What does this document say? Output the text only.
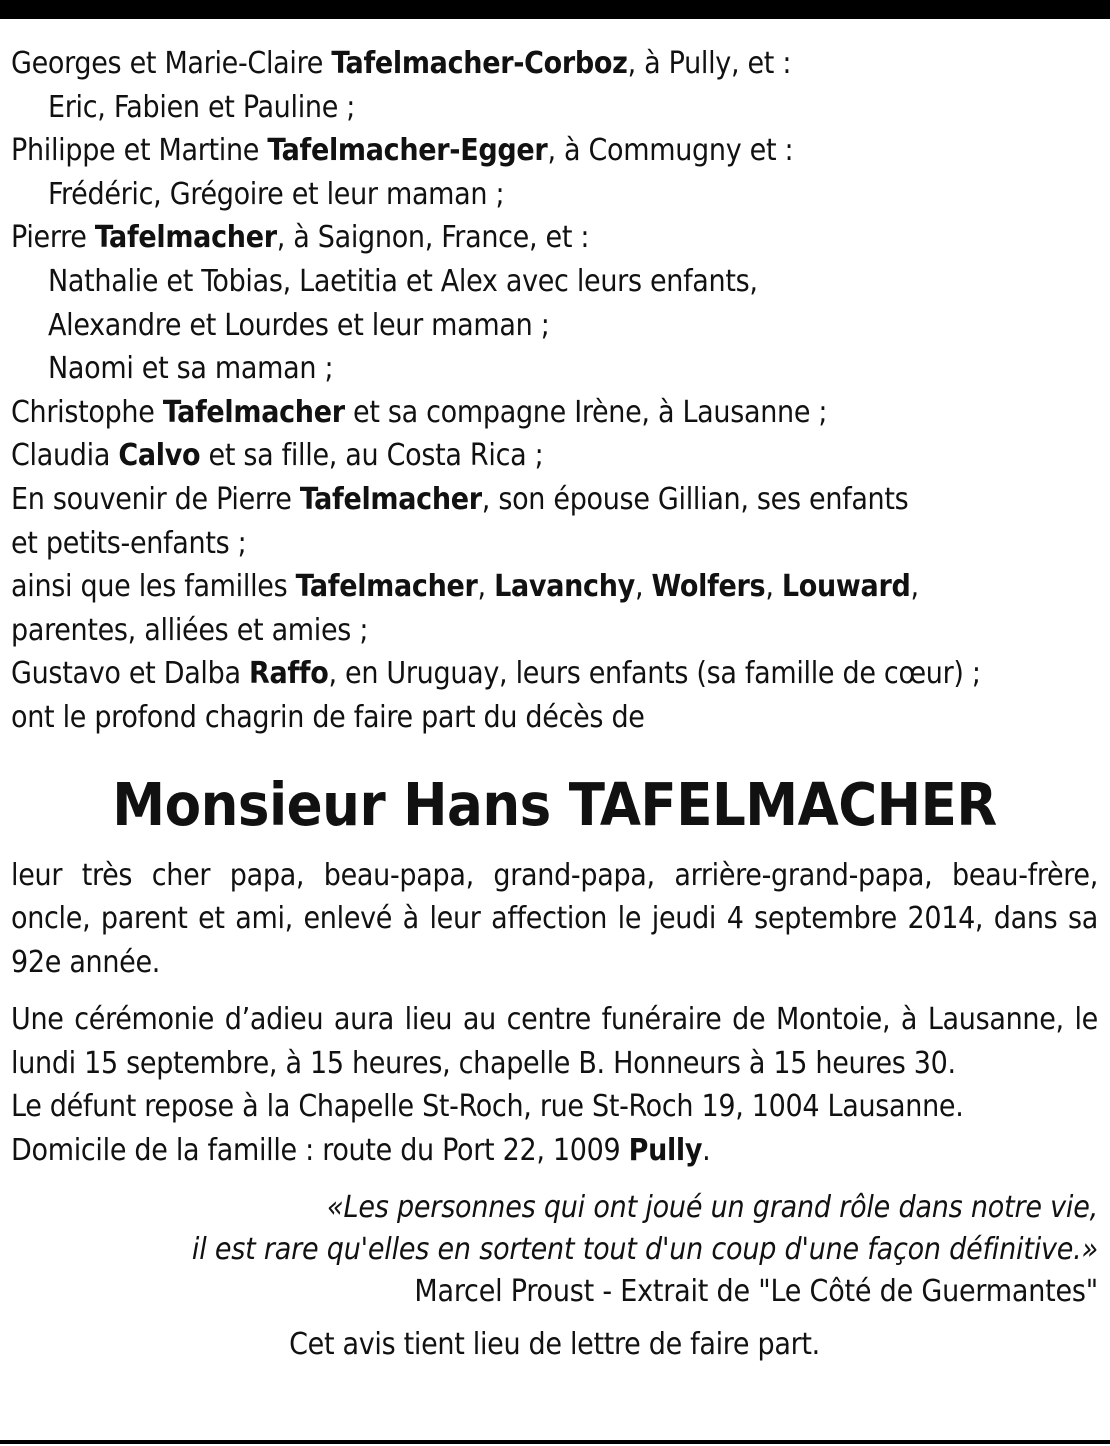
Georges et Marie-Claire Tafelmacher-Corboz, à Pully, et :
Eric, Fabien et Pauline ;
Philippe et Martine Tafelmacher-Egger, à Commugny et :
Frédéric, Grégoire et leur maman ;
Pierre Tafelmacher, à Saignon, France, et :
Nathalie et Tobias, Laetitia et Alex avec leurs enfants,
Alexandre et Lourdes et leur maman ;
Naomi et sa maman ;
Christophe Tafelmacher et sa compagne Irène, à Lausanne ;
Claudia Calvo et sa fille, au Costa Rica ;
En souvenir de Pierre Tafelmacher, son épouse Gillian, ses enfants
et petits-enfants ;
ainsi que les familles Tafelmacher, Lavanchy, Wolfers, Louward,
parentes, alliées et amies ;
Gustavo et Dalba Raffo, en Uruguay, leurs enfants (sa famille de cœur) ;
ont le profond chagrin de faire part du décès de
Monsieur Hans TAFELMACHER
leur très cher papa, beau-papa, grand-papa, arrière-grand-papa, beau-frère, oncle, parent et ami, enlevé à leur affection le jeudi 4 septembre 2014, dans sa 92e année.
Une cérémonie d’adieu aura lieu au centre funéraire de Montoie, à Lausanne, le lundi 15 septembre, à 15 heures, chapelle B. Honneurs à 15 heures 30.
Le défunt repose à la Chapelle St-Roch, rue St-Roch 19, 1004 Lausanne.
Domicile de la famille : route du Port 22, 1009 Pully.
«Les personnes qui ont joué un grand rôle dans notre vie,
il est rare qu'elles en sortent tout d'un coup d'une façon définitive.»
Marcel Proust - Extrait de "Le Côté de Guermantes"
Cet avis tient lieu de lettre de faire part.
